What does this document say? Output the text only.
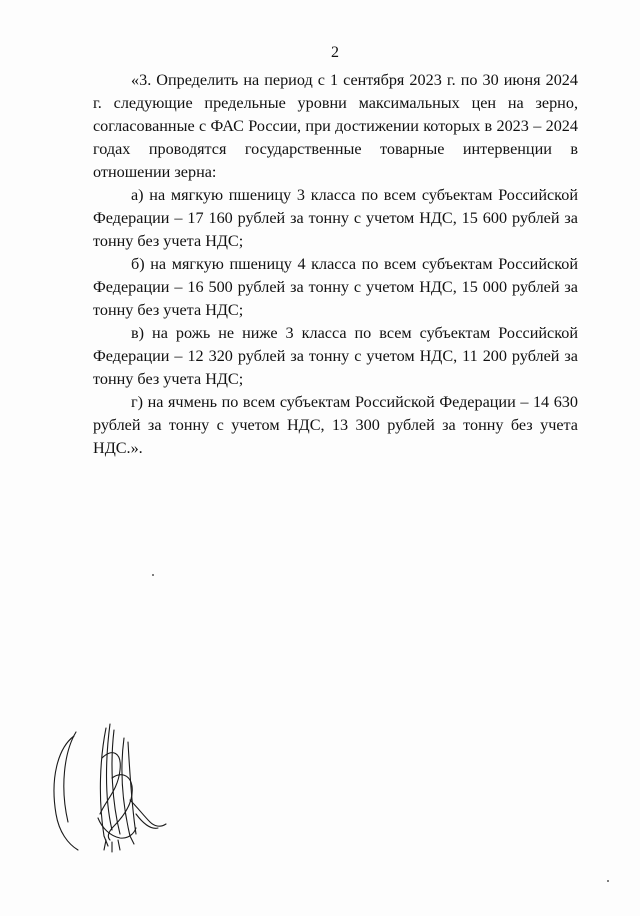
2

«3. Определить на период с 1 сентября 2023 г. по 30 июня 2024 г. следующие предельные уровни максимальных цен на зерно, согласованные с ФАС России, при достижении которых в 2023 – 2024 годах проводятся государственные товарные интервенции в отношении зерна:

а) на мягкую пшеницу 3 класса по всем субъектам Российской Федерации – 17 160 рублей за тонну с учетом НДС, 15 600 рублей за тонну без учета НДС;

б) на мягкую пшеницу 4 класса по всем субъектам Российской Федерации – 16 500 рублей за тонну с учетом НДС, 15 000 рублей за тонну без учета НДС;

в) на рожь не ниже 3 класса по всем субъектам Российской Федерации – 12 320 рублей за тонну с учетом НДС, 11 200 рублей за тонну без учета НДС;

г) на ячмень по всем субъектам Российской Федерации – 14 630 рублей за тонну с учетом НДС, 13 300 рублей за тонну без учета НДС.».
